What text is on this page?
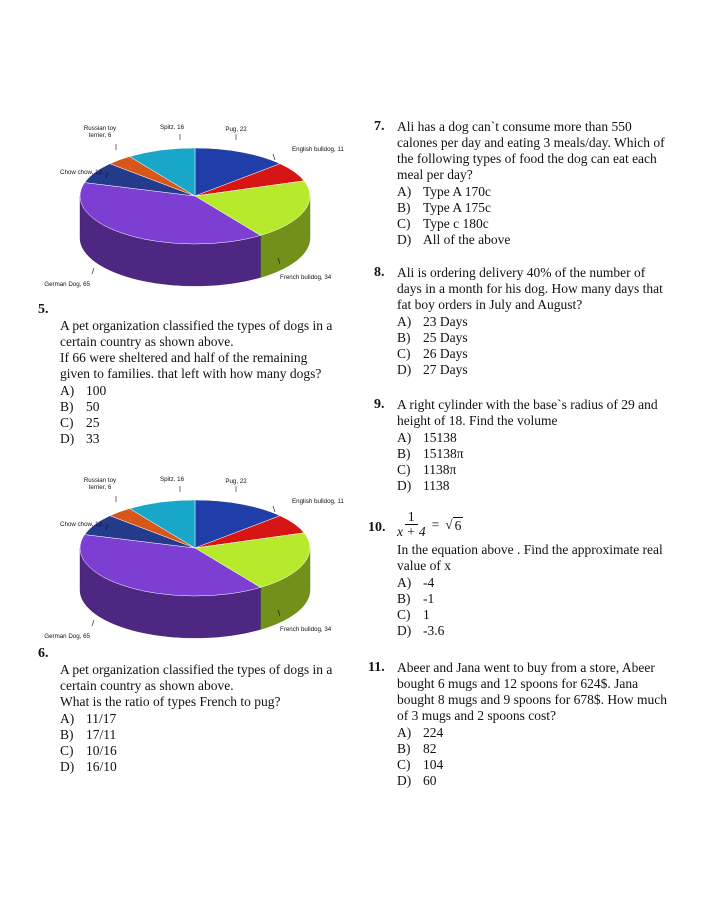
Russian toy terrier, 6
Spitz, 16	Pug, 22
English bulldog, 11
Chow chow, 12
French bulldog, 34
German Dog, 65
5.
A pet organization classified the types of dogs in a
certain country as shown above.
If 66 were sheltered and half of the remaining
given to families. that left with how many dogs?
A) 100
B) 50
C) 25
D) 33
Russian toy terrier, 6
Spitz, 16	Pug, 22
English bulldog, 11
Chow chow, 12
French bulldog, 34
German Dog, 65
6.
A pet organization classified the types of dogs in a
certain country as shown above.
What is the ratio of types French to pug?
A) 11/17
B) 17/11
C) 10/16
D) 16/10
7. Ali has a dog can`t consume more than 550
calones per day and eating 3 meals/day. Which of
the following types of food the dog can eat each
meal per day?
A) Type A 170c
B) Type A 175c
C) Type c 180c
D) All of the above
8. Ali is ordering delivery 40% of the number of
days in a month for his dog. How many days that
fat boy orders in July and August?
A) 23 Days
B) 25 Days
C) 26 Days
D) 27 Days
9. A right cylinder with the base`s radius of 29 and
height of 18. Find the volume
A) 15138
B) 15138π
C) 1138π
D) 1138
10. $\frac{1}{x + 4}$ = √ 6
In the equation above . Find the approximate real
value of x
A) -4
B) -1
C) 1
D) -3.6
11. Abeer and Jana went to buy from a store, Abeer
bought 6 mugs and 12 spoons for 624$. Jana
bought 8 mugs and 9 spoons for 678$. How much
of 3 mugs and 2 spoons cost?
A) 224
B) 82
C) 104
D) 60
